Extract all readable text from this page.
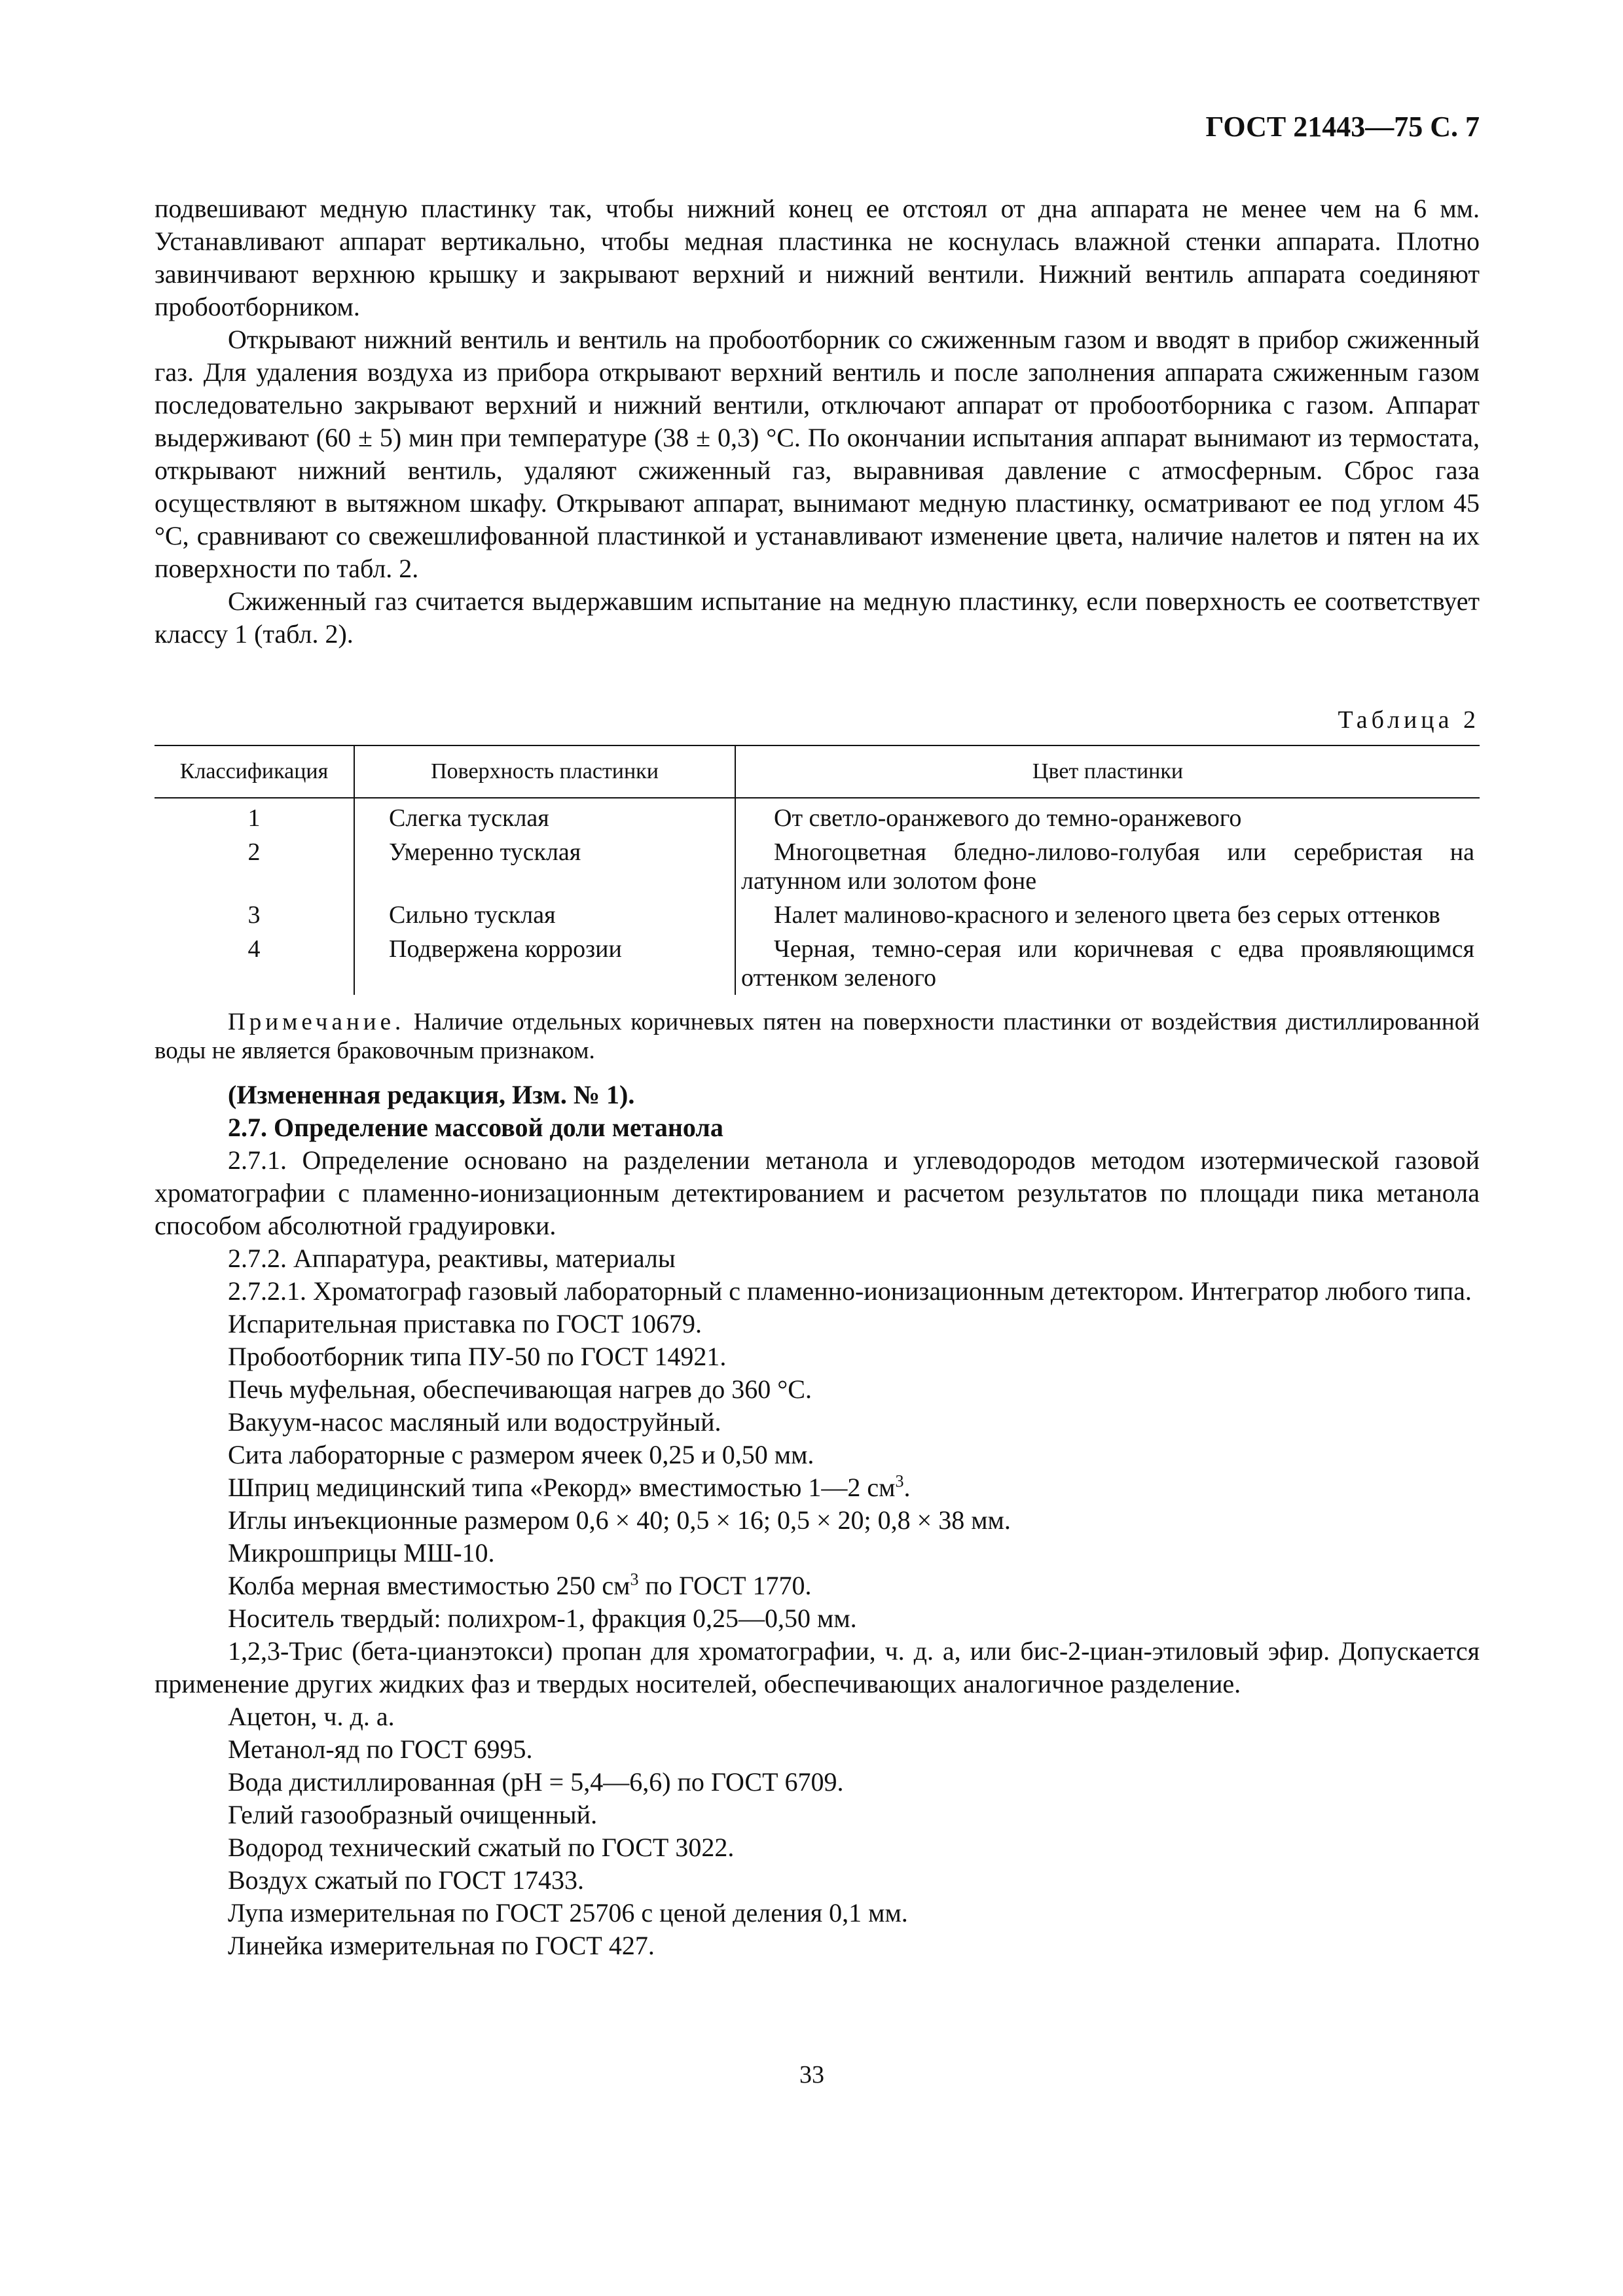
ГОСТ 21443—75 С. 7

подвешивают медную пластинку так, чтобы нижний конец ее отстоял от дна аппарата не менее чем на 6 мм. Устанавливают аппарат вертикально, чтобы медная пластинка не коснулась влажной стенки аппарата. Плотно завинчивают верхнюю крышку и закрывают верхний и нижний вентили. Нижний вентиль аппарата соединяют пробоотборником.

Открывают нижний вентиль и вентиль на пробоотборник со сжиженным газом и вводят в прибор сжиженный газ. Для удаления воздуха из прибора открывают верхний вентиль и после заполнения аппарата сжиженным газом последовательно закрывают верхний и нижний вентили, отключают аппарат от пробоотборника с газом. Аппарат выдерживают (60 ± 5) мин при температуре (38 ± 0,3) °С. По окончании испытания аппарат вынимают из термостата, открывают нижний вентиль, удаляют сжиженный газ, выравнивая давление с атмосферным. Сброс газа осуществляют в вытяжном шкафу. Открывают аппарат, вынимают медную пластинку, осматривают ее под углом 45 °С, сравнивают со свежешлифованной пластинкой и устанавливают изменение цвета, наличие налетов и пятен на их поверхности по табл. 2.

Сжиженный газ считается выдержавшим испытание на медную пластинку, если поверхность ее соответствует классу 1 (табл. 2).

Таблица 2
Классификация	Поверхность пластинки	Цвет пластинки
1	Слегка тусклая	От светло-оранжевого до темно-оранжевого
2	Умеренно тусклая	Многоцветная бледно-лилово-голубая или серебристая на латунном или золотом фоне
3	Сильно тусклая	Налет малиново-красного и зеленого цвета без серых оттенков
4	Подвержена коррозии	Черная, темно-серая или коричневая с едва проявляющимся оттенком зеленого
Примечание. Наличие отдельных коричневых пятен на поверхности пластинки от воздействия дистиллированной воды не является браковочным признаком.

(Измененная редакция, Изм. № 1).

2.7. Определение массовой доли метанола

2.7.1. Определение основано на разделении метанола и углеводородов методом изотермической газовой хроматографии с пламенно-ионизационным детектированием и расчетом результатов по площади пика метанола способом абсолютной градуировки.

2.7.2. Аппаратура, реактивы, материалы

2.7.2.1. Хроматограф газовый лабораторный с пламенно-ионизационным детектором. Интегратор любого типа.

Испарительная приставка по ГОСТ 10679.

Пробоотборник типа ПУ-50 по ГОСТ 14921.

Печь муфельная, обеспечивающая нагрев до 360 °С.

Вакуум-насос масляный или водоструйный.

Сита лабораторные с размером ячеек 0,25 и 0,50 мм.

Шприц медицинский типа «Рекорд» вместимостью 1—2 $см^3$.

Иглы инъекционные размером 0,6 × 40; 0,5 × 16; 0,5 × 20; 0,8 × 38 мм.

Микрошприцы МШ-10.

Колба мерная вместимостью 250 $см^3$ по ГОСТ 1770.

Носитель твердый: полихром-1, фракция 0,25—0,50 мм.

1,2,3-Трис (бета-цианэтокси) пропан для хроматографии, ч. д. а, или бис-2-циан-этиловый эфир. Допускается применение других жидких фаз и твердых носителей, обеспечивающих аналогичное разделение.

Ацетон, ч. д. а.

Метанол-яд по ГОСТ 6995.

Вода дистиллированная (рН = 5,4—6,6) по ГОСТ 6709.

Гелий газообразный очищенный.

Водород технический сжатый по ГОСТ 3022.

Воздух сжатый по ГОСТ 17433.

Лупа измерительная по ГОСТ 25706 с ценой деления 0,1 мм.

Линейка измерительная по ГОСТ 427.

33
